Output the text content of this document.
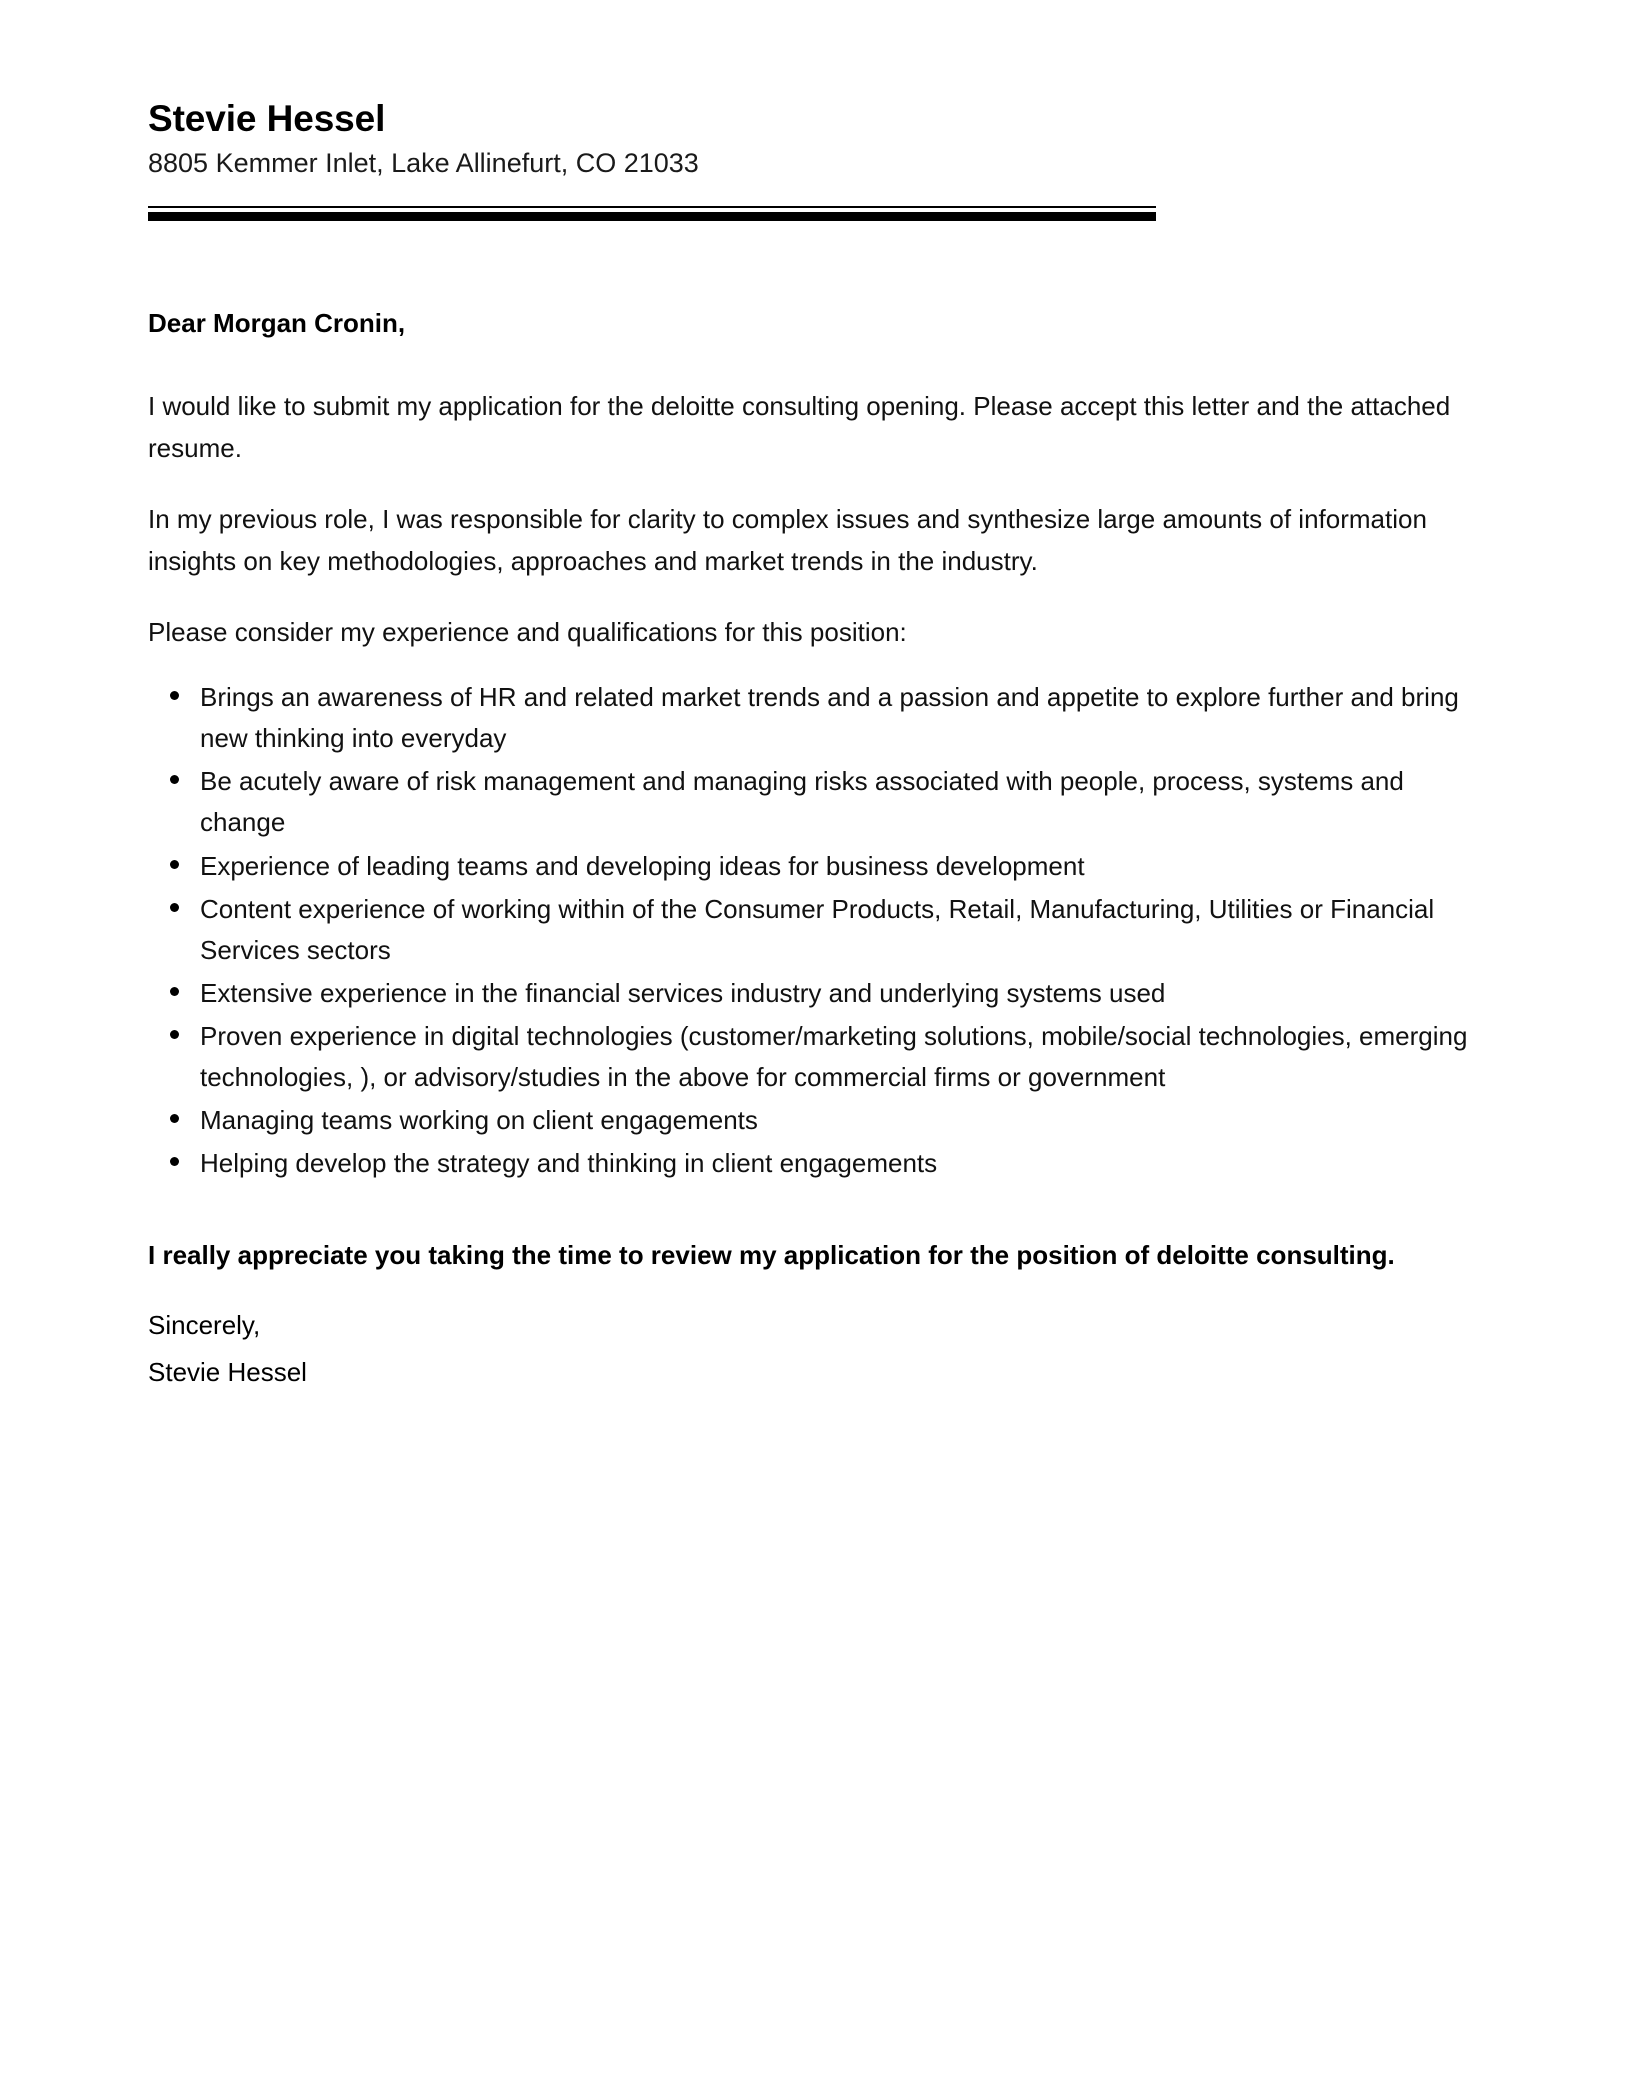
Stevie Hessel
8805 Kemmer Inlet, Lake Allinefurt, CO 21033

Dear Morgan Cronin,

I would like to submit my application for the deloitte consulting opening. Please accept this letter and the attached resume.

In my previous role, I was responsible for clarity to complex issues and synthesize large amounts of information insights on key methodologies, approaches and market trends in the industry.

Please consider my experience and qualifications for this position:

Brings an awareness of HR and related market trends and a passion and appetite to explore further and bring new thinking into everyday
Be acutely aware of risk management and managing risks associated with people, process, systems and change
Experience of leading teams and developing ideas for business development
Content experience of working within of the Consumer Products, Retail, Manufacturing, Utilities or Financial Services sectors
Extensive experience in the financial services industry and underlying systems used
Proven experience in digital technologies (customer/marketing solutions, mobile/social technologies, emerging technologies, ), or advisory/studies in the above for commercial firms or government
Managing teams working on client engagements
Helping develop the strategy and thinking in client engagements

I really appreciate you taking the time to review my application for the position of deloitte consulting.

Sincerely,
Stevie Hessel
